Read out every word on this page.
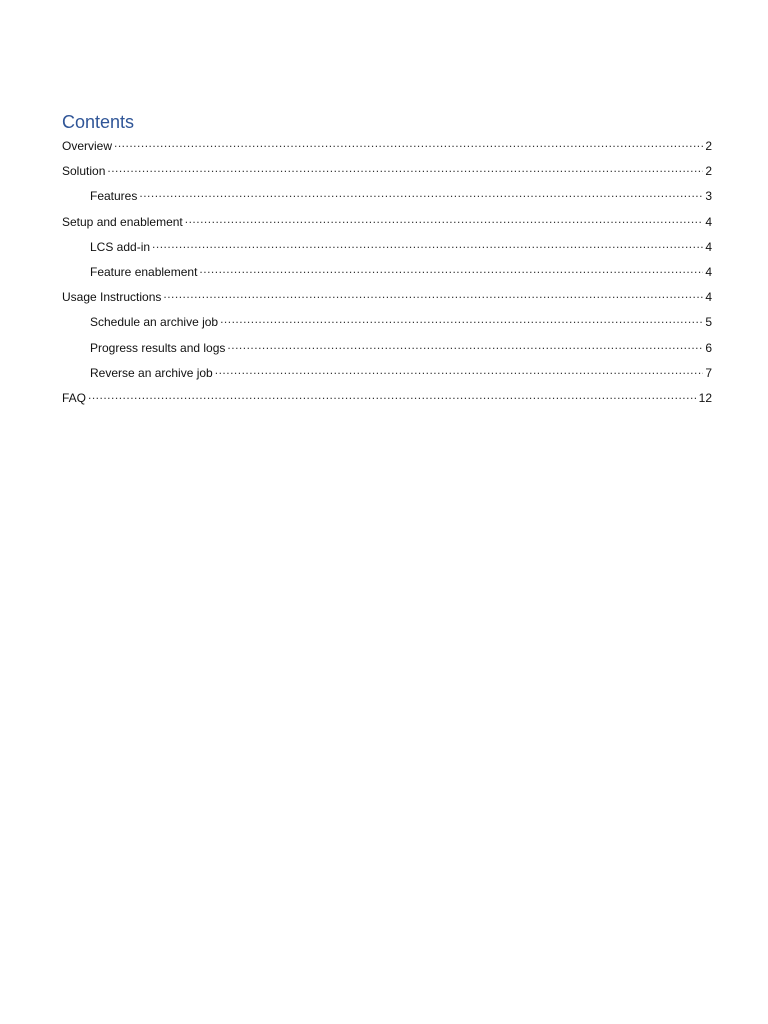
Contents
Overview .....	2
Solution .....	2
Features .....	3
Setup and enablement .....	4
LCS add-in .....	4
Feature enablement .....	4
Usage Instructions .....	4
Schedule an archive job .....	5
Progress results and logs .....	6
Reverse an archive job .....	7
FAQ .....	12
